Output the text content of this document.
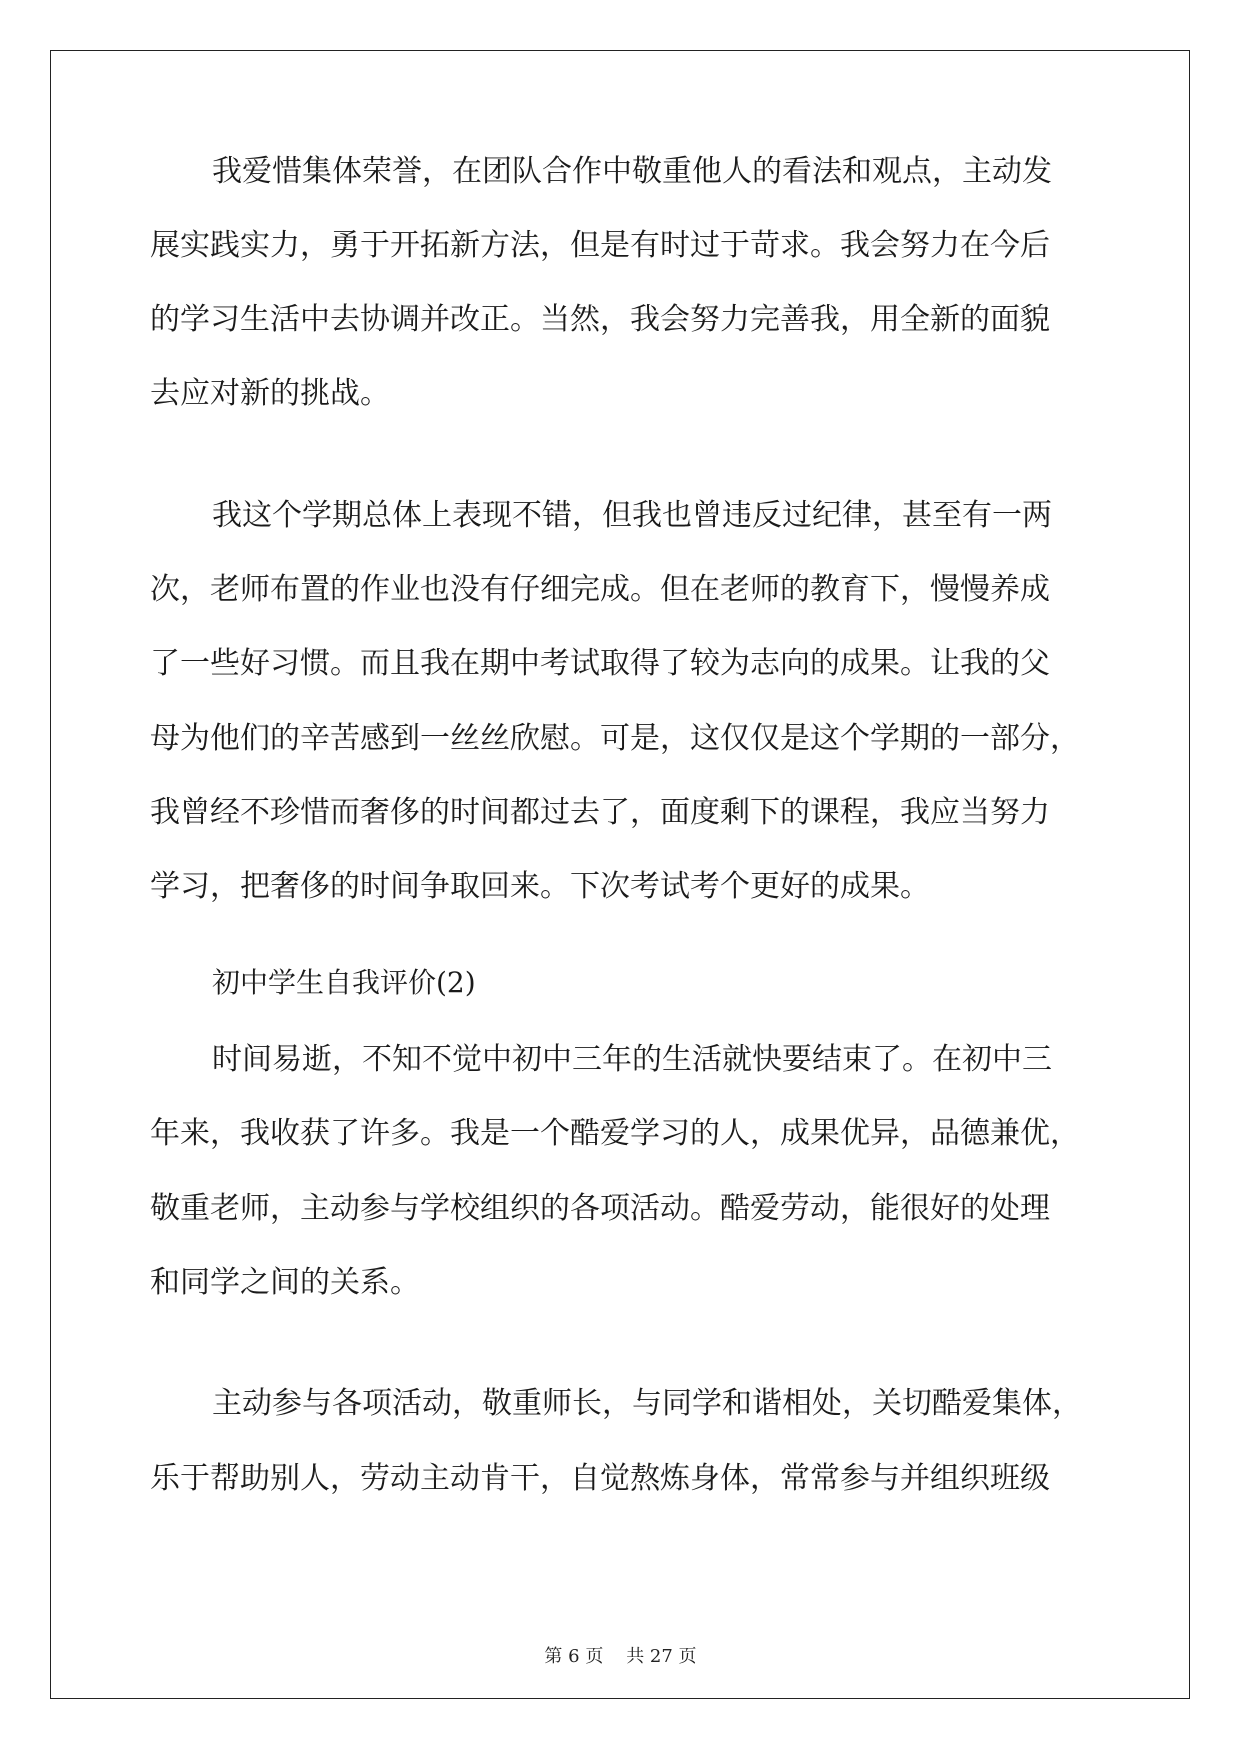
我爱惜集体荣誉，在团队合作中敬重他人的看法和观点，主动发
展实践实力，勇于开拓新方法，但是有时过于苛求。我会努力在今后
的学习生活中去协调并改正。当然，我会努力完善我，用全新的面貌
去应对新的挑战。
我这个学期总体上表现不错，但我也曾违反过纪律，甚至有一两
次，老师布置的作业也没有仔细完成。但在老师的教育下，慢慢养成
了一些好习惯。而且我在期中考试取得了较为志向的成果。让我的父
母为他们的辛苦感到一丝丝欣慰。可是，这仅仅是这个学期的一部分，
我曾经不珍惜而奢侈的时间都过去了，面度剩下的课程，我应当努力
学习，把奢侈的时间争取回来。下次考试考个更好的成果。
初中学生自我评价(2)
时间易逝，不知不觉中初中三年的生活就快要结束了。在初中三
年来，我收获了许多。我是一个酷爱学习的人，成果优异，品德兼优，
敬重老师，主动参与学校组织的各项活动。酷爱劳动，能很好的处理
和同学之间的关系。
主动参与各项活动，敬重师长，与同学和谐相处，关切酷爱集体，
乐于帮助别人，劳动主动肯干，自觉熬炼身体，常常参与并组织班级
第 6 页    共 27 页
